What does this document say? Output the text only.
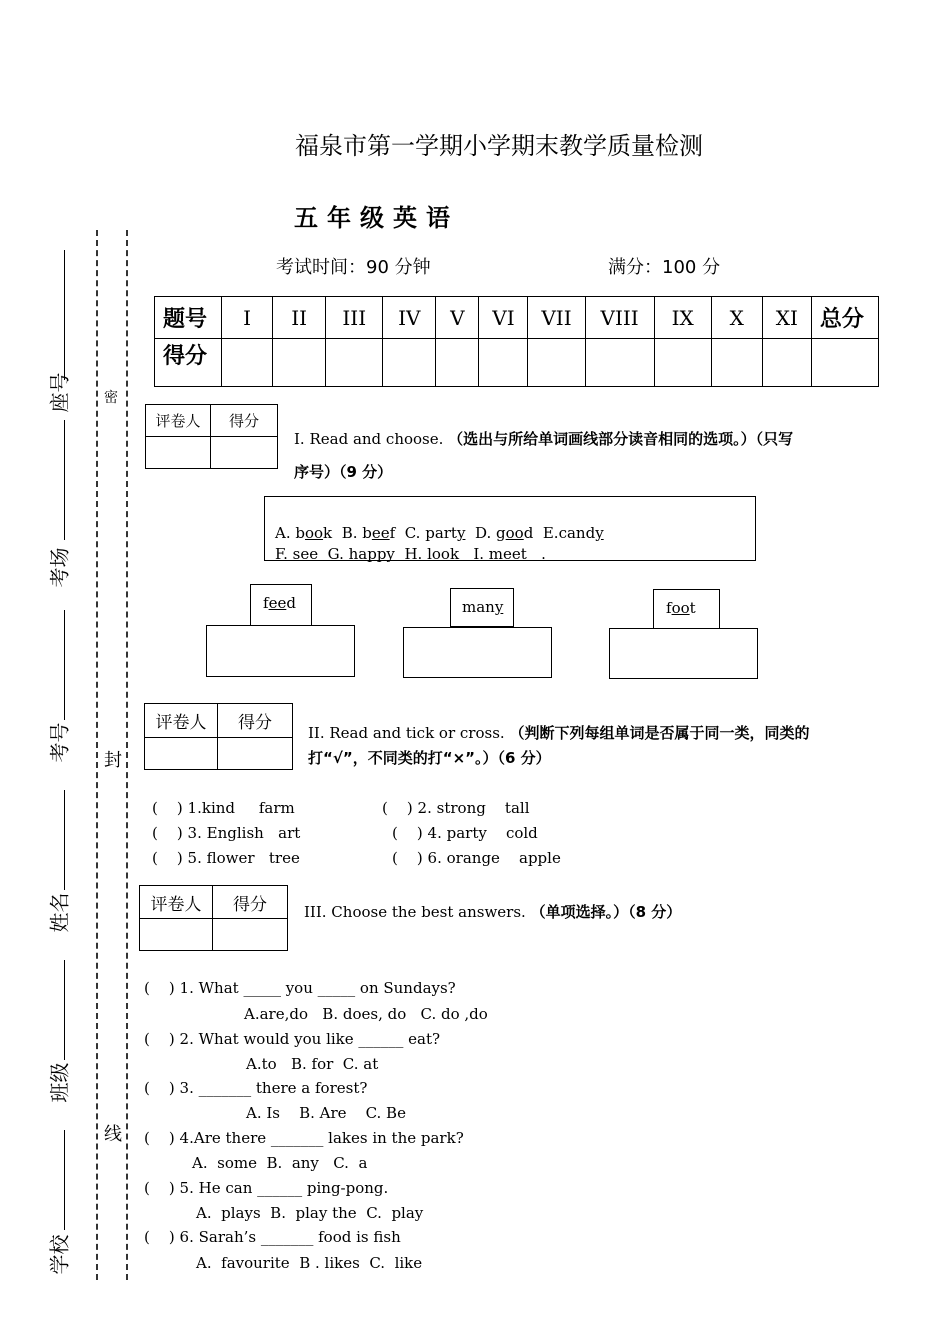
福泉市第一学期小学期末教学质量检测
五年级英语
考试时间：90 分钟	满分：100 分
座号
考场
考号
姓名
班级
学校
密
封
线
题号	I	II	III	IV	V	VI	VII	VIII	IX	X	XI	总分
得分												
评卷人	得分

I. Read and choose. （选出与所给单词画线部分读音相同的选项。）（只写
序号）（9 分）

A. book B. beef C. party D. good E.candy

F. see G. happy H. look I. meet .
feed	many	foot
评卷人	得分
	II. Read and tick or cross. （判断下列每组单词是否属于同一类，同类的
打“√”，不同类的打“×”。）（6 分）
(    ) 1.kind farm	(    ) 2. strong tall
(    ) 3. English art	(    ) 4. party cold
(    ) 5. flower tree	(    ) 6. orange apple
评卷人	得分
	III. Choose the best answers. （单项选择。）（8 分）
(    ) 1. What _____ you _____ on Sundays?
A.are,do   B. does, do   C. do ,do
(    ) 2. What would you like ______ eat?
A.to   B. for  C. at
(    ) 3. _______ there a forest?
A. Is    B. Are    C. Be
(    ) 4.Are there _______ lakes in the park?
A.  some  B.  any   C.  a
(    ) 5. He can ______ ping-pong.
A.  plays  B.  play the  C.  play
(    ) 6. Sarah’s _______ food is fish
A.  favourite  B . likes  C.  like
